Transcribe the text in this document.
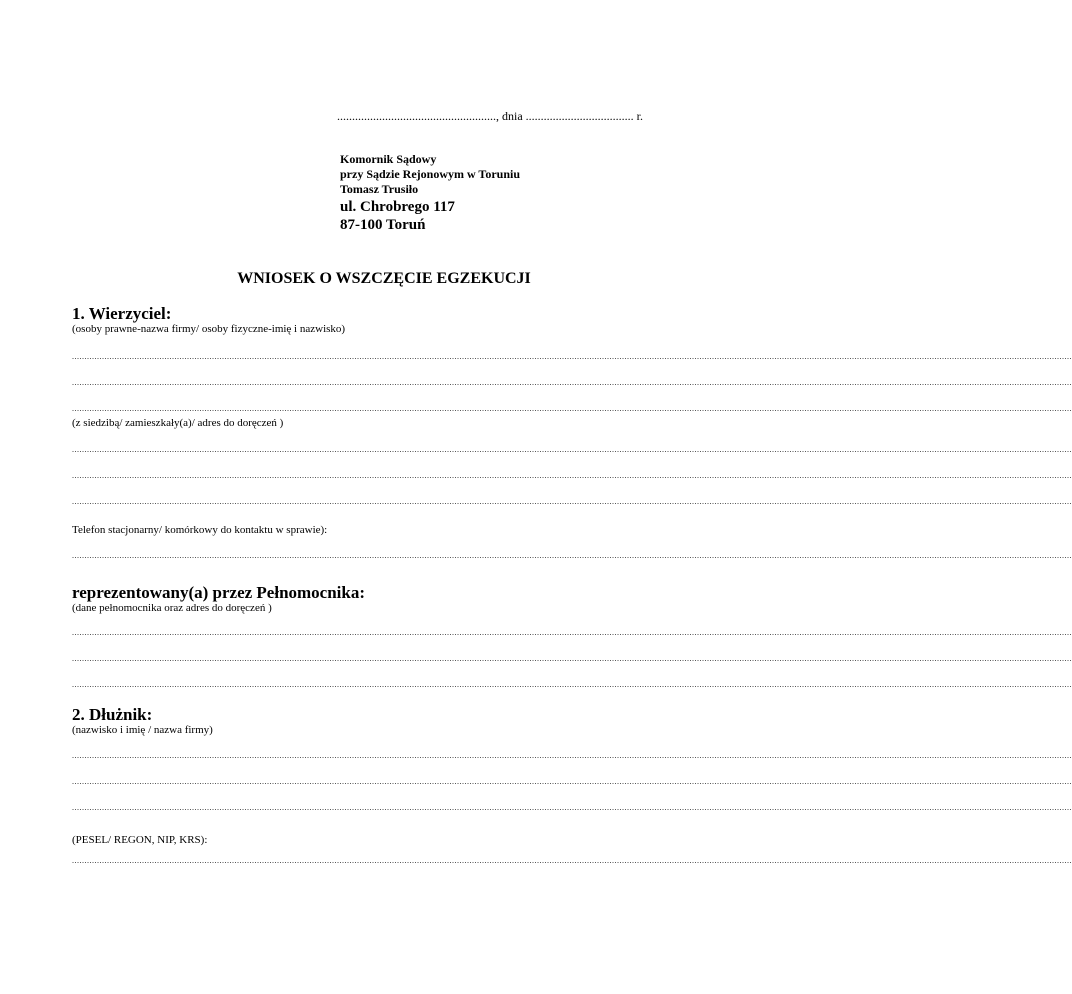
....................................................., dnia .................................... r.
Komornik Sądowy
przy Sądzie Rejonowym w Toruniu
Tomasz Trusiło
ul. Chrobrego 117
87-100 Toruń
WNIOSEK O WSZCZĘCIE EGZEKUCJI
1. Wierzyciel:
(osoby prawne-nazwa firmy/ osoby fizyczne-imię i nazwisko)
................................................................................................................................................................................................................................................................................................................................................................................................................
................................................................................................................................................................................................................................................................................................................................................................................................................
................................................................................................................................................................................................................................................................................................................................................................................................................
(z siedzibą/ zamieszkały(a)/ adres do doręczeń )
................................................................................................................................................................................................................................................................................................................................................................................................................
................................................................................................................................................................................................................................................................................................................................................................................................................
................................................................................................................................................................................................................................................................................................................................................................................................................
Telefon stacjonarny/ komórkowy do kontaktu w sprawie):
................................................................................................................................................................................................................................................................................................................................................................................................................
reprezentowany(a) przez Pełnomocnika:
(dane pełnomocnika oraz adres do doręczeń )
................................................................................................................................................................................................................................................................................................................................................................................................................
................................................................................................................................................................................................................................................................................................................................................................................................................
................................................................................................................................................................................................................................................................................................................................................................................................................
2. Dłużnik:
(nazwisko i imię / nazwa firmy)
................................................................................................................................................................................................................................................................................................................................................................................................................
................................................................................................................................................................................................................................................................................................................................................................................................................
................................................................................................................................................................................................................................................................................................................................................................................................................
(PESEL/ REGON, NIP, KRS):
................................................................................................................................................................................................................................................................................................................................................................................................................
